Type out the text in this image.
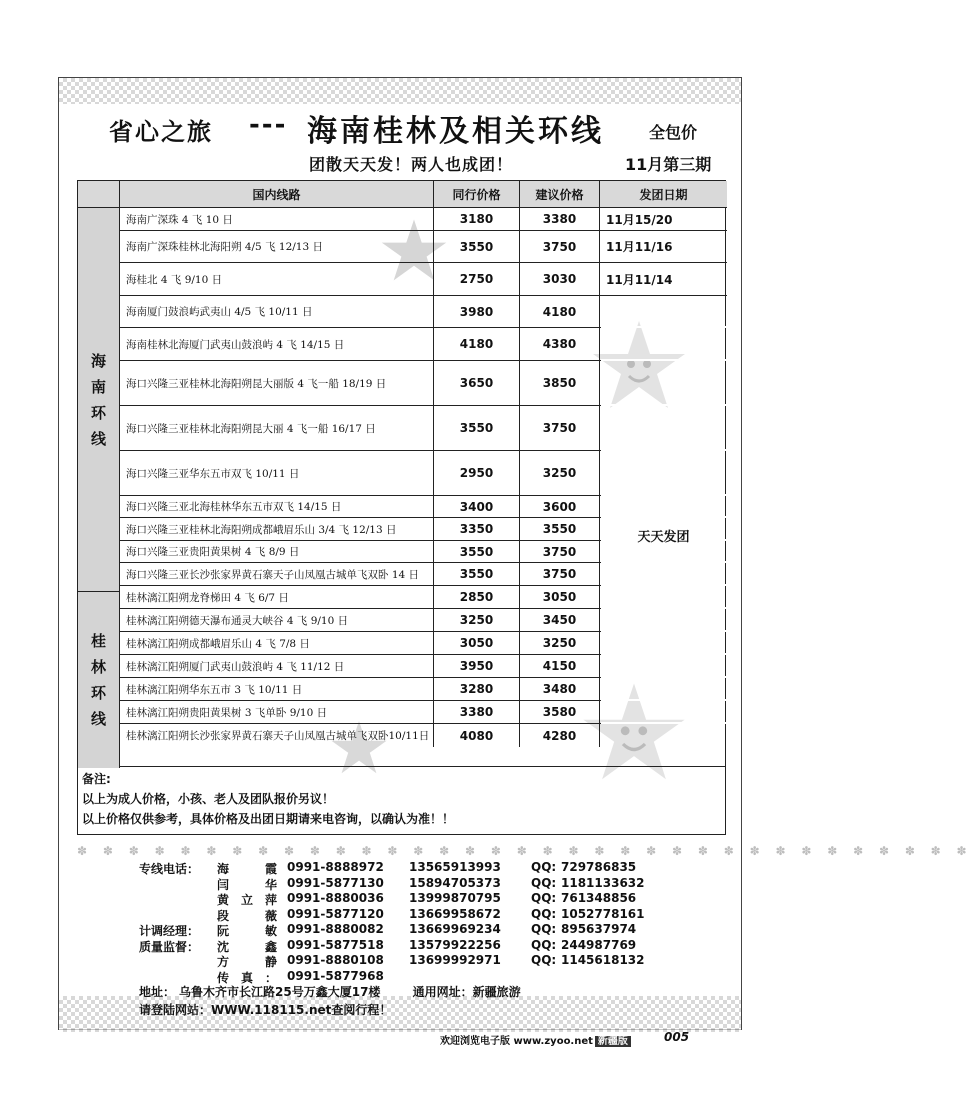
省心之旅 --- 海南桂林及相关环线	全包价
团散天天发！两人也成团！	11月第三期
国内线路	同行价格	建议价格	发团日期
海
南
环
线
桂
林
环
线
海南广深珠 4 飞 10 日	3180	3380	11月15/20
海南广深珠桂林北海阳朔 4/5 飞 12/13 日	3550	3750	11月11/16
海桂北 4 飞 9/10 日	2750	3030	11月11/14
海南厦门鼓浪屿武夷山 4/5 飞 10/11 日	3980	4180
海南桂林北海厦门武夷山鼓浪屿 4 飞 14/15 日	4180	4380
海口兴隆三亚桂林北海阳朔昆大丽版 4 飞一船 18/19 日	3650	3850
海口兴隆三亚桂林北海阳朔昆大丽 4 飞一船 16/17 日	3550	3750
海口兴隆三亚华东五市双飞 10/11 日	2950	3250
海口兴隆三亚北海桂林华东五市双飞 14/15 日	3400	3600
海口兴隆三亚桂林北海阳朔成都峨眉乐山 3/4 飞 12/13 日	3350	3550
海口兴隆三亚贵阳黄果树 4 飞 8/9 日	3550	3750
海口兴隆三亚长沙张家界黄石寨天子山凤凰古城单飞双卧 14 日	3550	3750
桂林漓江阳朔龙脊梯田 4 飞 6/7 日	2850	3050
桂林漓江阳朔德天瀑布通灵大峡谷 4 飞 9/10 日	3250	3450
桂林漓江阳朔成都峨眉乐山 4 飞 7/8 日	3050	3250
桂林漓江阳朔厦门武夷山鼓浪屿 4 飞 11/12 日	3950	4150
桂林漓江阳朔华东五市 3 飞 10/11 日	3280	3480
桂林漓江阳朔贵阳黄果树 3 飞单卧 9/10 日	3380	3580
桂林漓江阳朔长沙张家界黄石寨天子山凤凰古城单飞双卧10/11日	4080	4280
天天发团
备注:
以上为成人价格，小孩、老人及团队报价另议！
以上价格仅供参考，具体价格及出团日期请来电咨询，以确认为准！！
✽ ✽ ✽ ✽ ✽ ✽ ✽ ✽ ✽ ✽ ✽ ✽ ✽ ✽ ✽ ✽ ✽ ✽ ✽ ✽ ✽ ✽ ✽ ✽ ✽ ✽ ✽ ✽ ✽ ✽ ✽ ✽ ✽ ✽ ✽
专线电话： 海霞 0991-8888972 13565913993	QQ: 729786835
闫华 0991-5877130 15894705373	QQ: 1181133632
黄立萍 0991-8880036 13999870795	QQ: 761348856
段薇 0991-5877120 13669958672	QQ: 1052778161
计调经理： 阮敏 0991-8880082 13669969234	QQ: 895637974
质量监督： 沈鑫 0991-5877518 13579922256	QQ: 244987769
方静 0991-8880108 13699992971	QQ: 1145618132
传真： 0991-5877968
地址： 乌鲁木齐市长江路25号万鑫大厦17楼	通用网址：新疆旅游
请登陆网站：WWW.118115.net查阅行程！
欢迎浏览电子版 www.zyoo.net 新疆版	005
